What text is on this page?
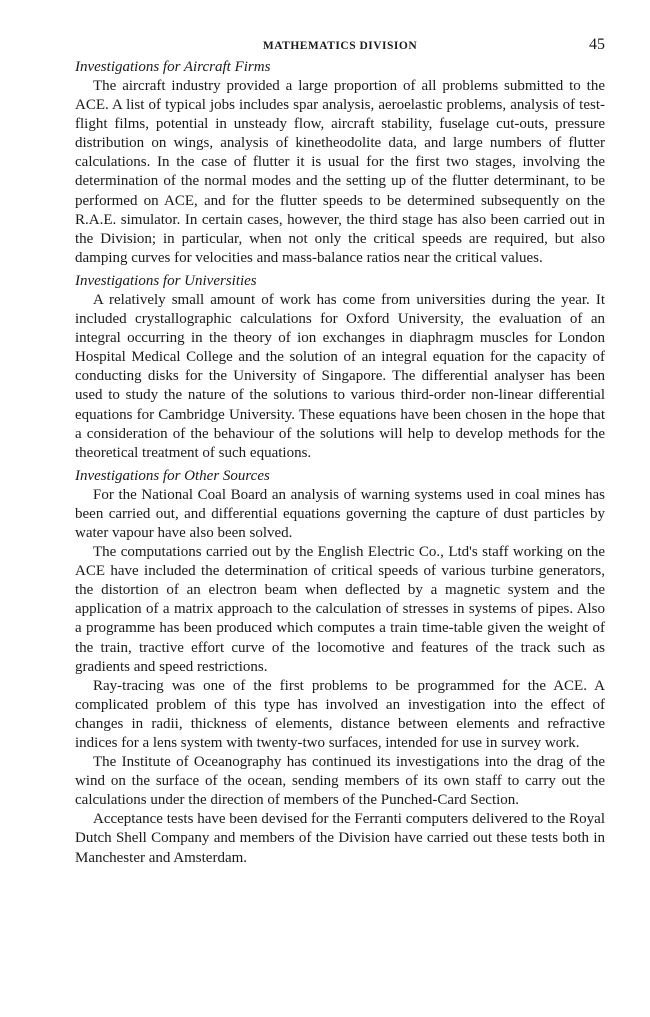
MATHEMATICS DIVISION	45
Investigations for Aircraft Firms

The aircraft industry provided a large proportion of all problems submitted to the ACE. A list of typical jobs includes spar analysis, aeroelastic problems, analysis of test-flight films, potential in unsteady flow, aircraft stability, fuselage cut-outs, pressure distribution on wings, analysis of kinetheodolite data, and large numbers of flutter calculations. In the case of flutter it is usual for the first two stages, involving the determination of the normal modes and the setting up of the flutter determinant, to be performed on ACE, and for the flutter speeds to be determined subsequently on the R.A.E. simulator. In certain cases, however, the third stage has also been carried out in the Division; in particular, when not only the critical speeds are required, but also damping curves for velocities and mass-balance ratios near the critical values.

Investigations for Universities

A relatively small amount of work has come from universities during the year. It included crystallographic calculations for Oxford University, the evaluation of an integral occurring in the theory of ion exchanges in diaphragm muscles for London Hospital Medical College and the solution of an integral equation for the capacity of conducting disks for the University of Singapore. The differential analyser has been used to study the nature of the solutions to various third-order non-linear differential equations for Cambridge University. These equations have been chosen in the hope that a consideration of the behaviour of the solutions will help to develop methods for the theoretical treatment of such equations.

Investigations for Other Sources

For the National Coal Board an analysis of warning systems used in coal mines has been carried out, and differential equations governing the capture of dust particles by water vapour have also been solved.

The computations carried out by the English Electric Co., Ltd's staff working on the ACE have included the determination of critical speeds of various turbine generators, the distortion of an electron beam when deflected by a magnetic system and the application of a matrix approach to the calculation of stresses in systems of pipes. Also a programme has been produced which computes a train time-table given the weight of the train, tractive effort curve of the locomotive and features of the track such as gradients and speed restrictions.

Ray-tracing was one of the first problems to be programmed for the ACE. A complicated problem of this type has involved an investigation into the effect of changes in radii, thickness of elements, distance between elements and refractive indices for a lens system with twenty-two surfaces, intended for use in survey work.

The Institute of Oceanography has continued its investigations into the drag of the wind on the surface of the ocean, sending members of its own staff to carry out the calculations under the direction of members of the Punched-Card Section.

Acceptance tests have been devised for the Ferranti computers delivered to the Royal Dutch Shell Company and members of the Division have carried out these tests both in Manchester and Amsterdam.
